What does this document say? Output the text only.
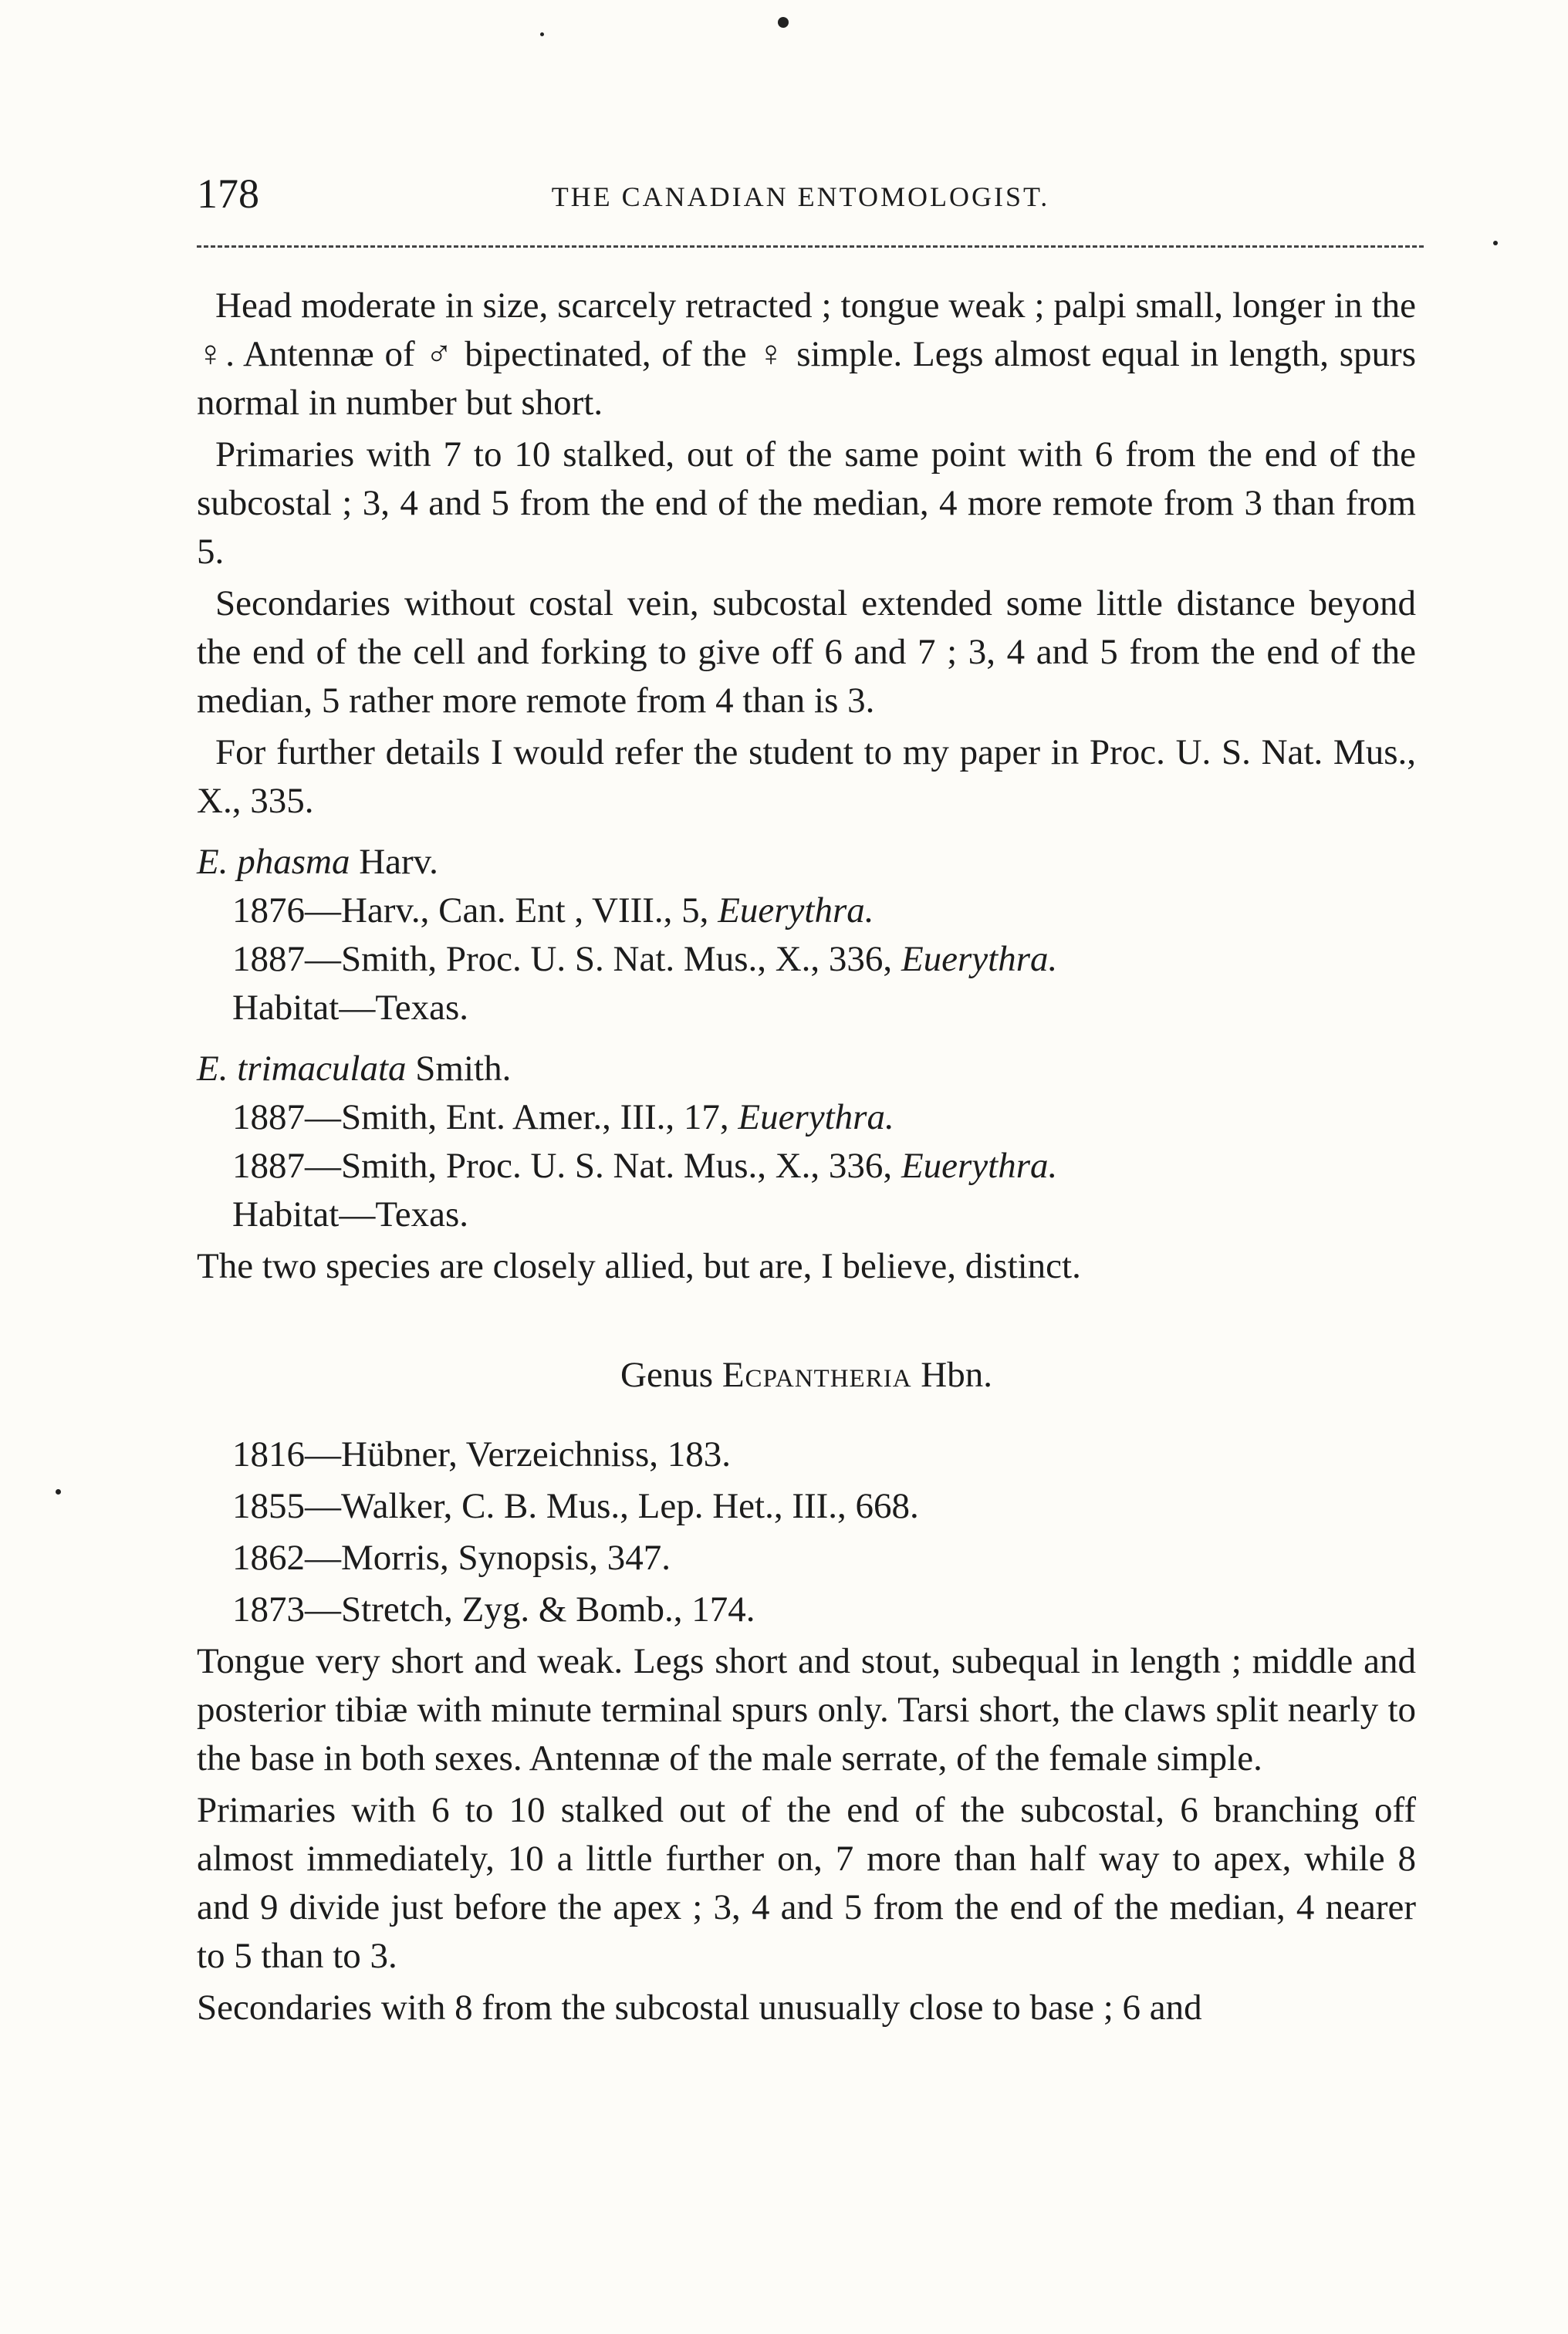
178	THE CANADIAN ENTOMOLOGIST.

Head moderate in size, scarcely retracted ; tongue weak ; palpi small, longer in the ♀. Antennæ of ♂ bipectinated, of the ♀ simple. Legs almost equal in length, spurs normal in number but short.

Primaries with 7 to 10 stalked, out of the same point with 6 from the end of the subcostal ; 3, 4 and 5 from the end of the median, 4 more remote from 3 than from 5.

Secondaries without costal vein, subcostal extended some little distance beyond the end of the cell and forking to give off 6 and 7 ; 3, 4 and 5 from the end of the median, 5 rather more remote from 4 than is 3.

For further details I would refer the student to my paper in Proc. U. S. Nat. Mus., X., 335.

E. phasma Harv.
1876—Harv., Can. Ent , VIII., 5, Euerythra.
1887—Smith, Proc. U. S. Nat. Mus., X., 336, Euerythra.
Habitat—Texas.
E. trimaculata Smith.
1887—Smith, Ent. Amer., III., 17, Euerythra.
1887—Smith, Proc. U. S. Nat. Mus., X., 336, Euerythra.
Habitat—Texas.

The two species are closely allied, but are, I believe, distinct.

Genus Ecpantheria Hbn.
1816—Hübner, Verzeichniss, 183.
1855—Walker, C. B. Mus., Lep. Het., III., 668.
1862—Morris, Synopsis, 347.
1873—Stretch, Zyg. & Bomb., 174.

Tongue very short and weak. Legs short and stout, subequal in length ; middle and posterior tibiæ with minute terminal spurs only. Tarsi short, the claws split nearly to the base in both sexes. Antennæ of the male serrate, of the female simple.

Primaries with 6 to 10 stalked out of the end of the subcostal, 6 branching off almost immediately, 10 a little further on, 7 more than half way to apex, while 8 and 9 divide just before the apex ; 3, 4 and 5 from the end of the median, 4 nearer to 5 than to 3.

Secondaries with 8 from the subcostal unusually close to base ; 6 and
